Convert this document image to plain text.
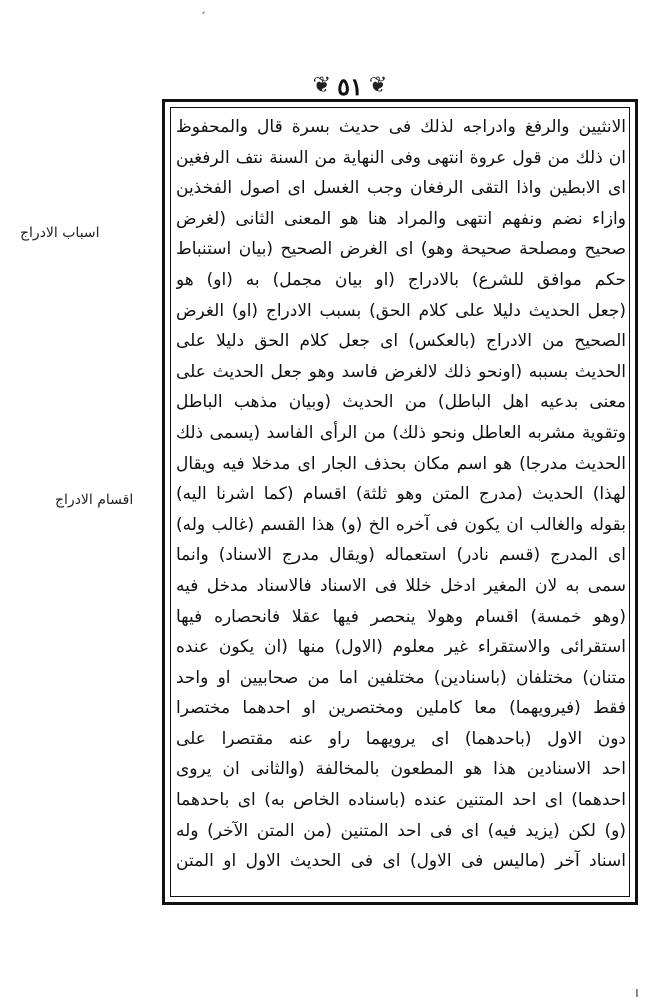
ˏ
❦
٥١
❦
اسباب الادراج
اقسام الادراج
الانثيين والرفغ وادراجه لذلك فى حديث بسرة قال والمحفوظ
ان ذلك من قول عروة انتهى وفى النهاية من السنة نتف الرفغين
اى الابطين واذا التقى الرفغان وجب الغسل اى اصول الفخذين
وازاء نضم ونفهم انتهى والمراد هنا هو المعنى الثانى (لغرض
صحيح ومصلحة صحيحة وهو) اى الغرض الصحيح (بيان استنباط
حكم موافق للشرع) بالادراج (او بيان مجمل) به (او) هو
(جعل الحديث دليلا على كلام الحق) بسبب الادراج (او) الغرض
الصحيح من الادراج (بالعكس) اى جعل كلام الحق دليلا على
الحديث بسببه (اونحو ذلك لالغرض فاسد وهو جعل الحديث على
معنى بدعيه اهل الباطل) من الحديث (وبيان مذهب الباطل
وتقوية مشربه العاطل ونحو ذلك) من الرأى الفاسد (يسمى ذلك
الحديث مدرجا) هو اسم مكان بحذف الجار اى مدخلا فيه ويقال
لهذا) الحديث (مدرج المتن وهو ثلثة) اقسام (كما اشرنا اليه)
بقوله والغالب ان يكون فى آخره الخ (و) هذا القسم (غالب وله)
اى المدرج (قسم نادر) استعماله (ويقال مدرج الاسناد) وانما
سمى به لان المغير ادخل خللا فى الاسناد فالاسناد مدخل فيه
(وهو خمسة) اقسام وهولا ينحصر فيها عقلا فانحصاره فيها
استقرائى والاستقراء غير معلوم (الاول) منها (ان يكون عنده
متنان) مختلفان (باسنادين) مختلفين اما من صحابيين او واحد
فقط (فيرويهما) معا كاملين ومختصرين او احدهما مختصرا
دون الاول (باحدهما) اى يرويهما راو عنه مقتصرا على
احد الاسنادين هذا هو المطعون بالمخالفة (والثانى ان يروى
احدهما) اى احد المتنين عنده (باسناده الخاص به) اى باحدهما
(و) لكن (يزيد فيه) اى فى احد المتنين (من المتن الآخر) وله
اسناد آخر (ماليس فى الاول) اى فى الحديث الاول او المتن
ı
